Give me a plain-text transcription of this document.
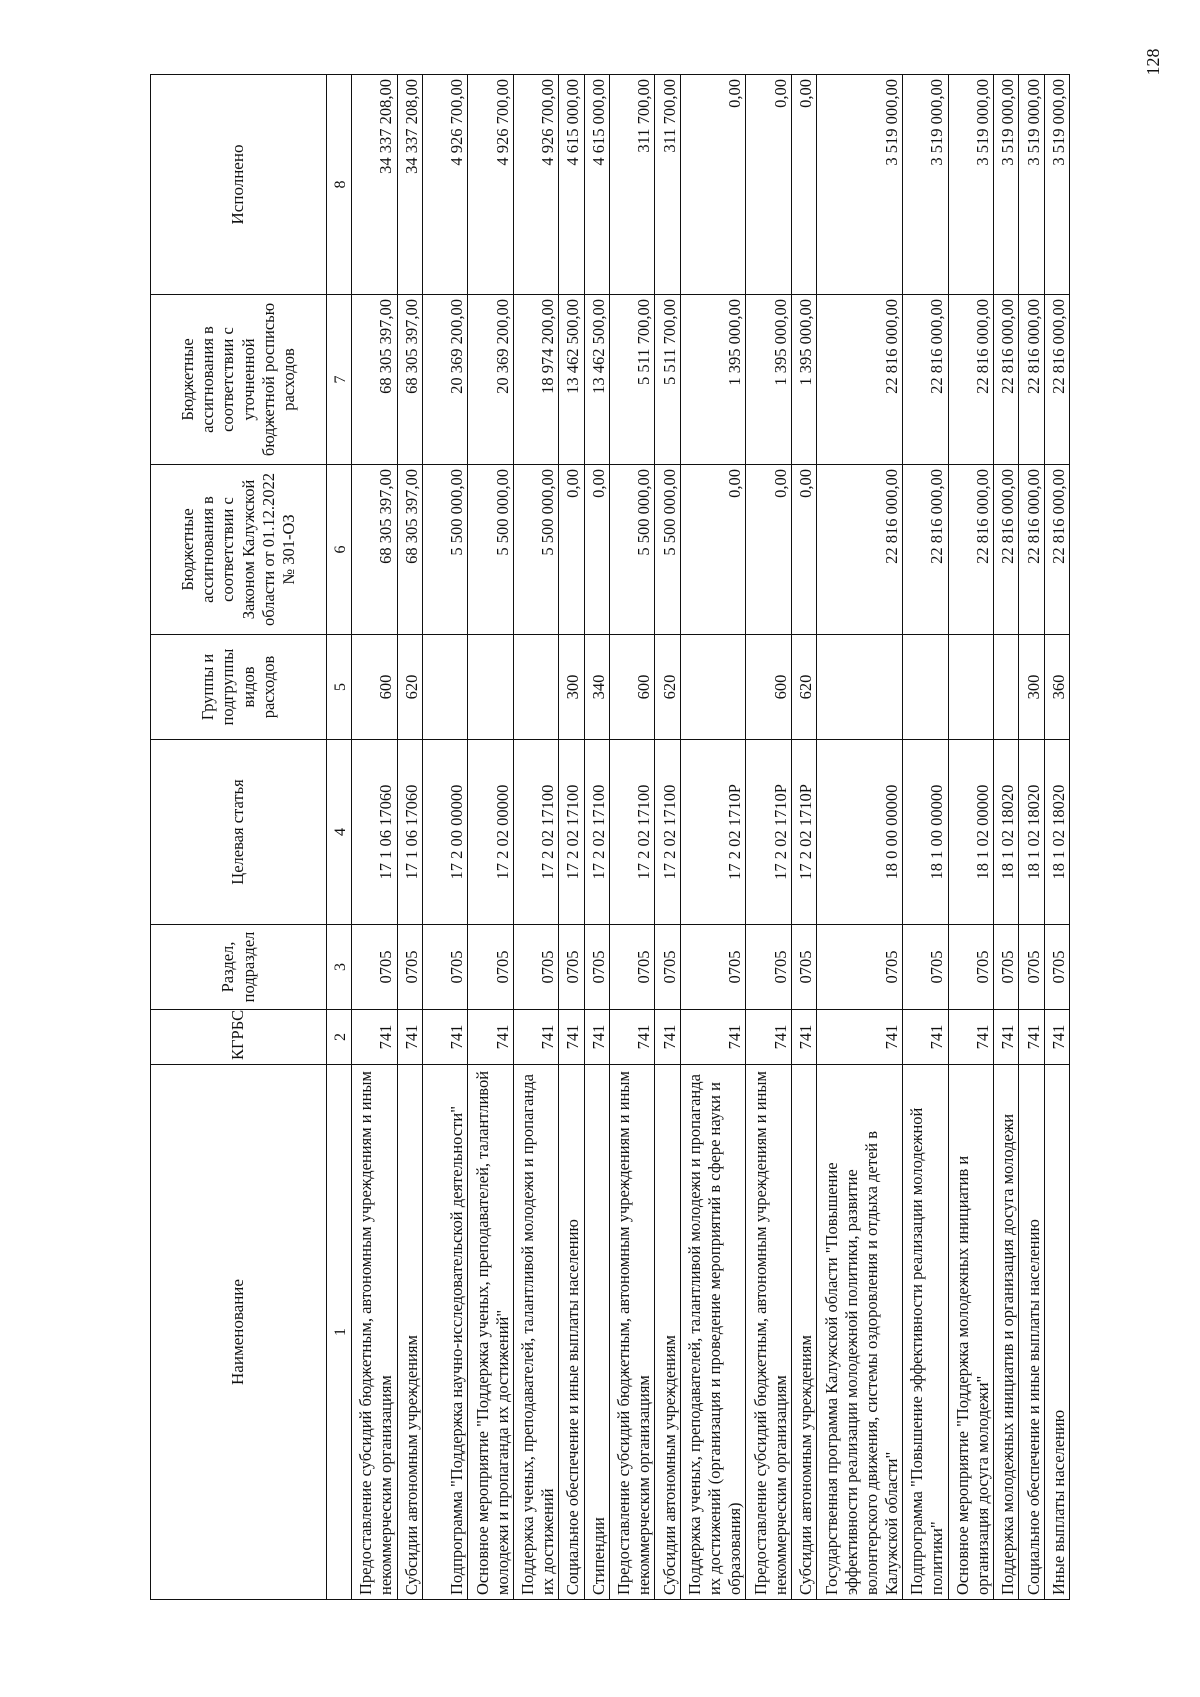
128
Наименование	КГРБС	Раздел, подраздел	Целевая статья	Группы и подгруппы видов расходов	Бюджетные ассигнования в соответствии с Законом Калужской области от 01.12.2022 № 301-ОЗ	Бюджетные ассигнования в соответствии с уточненной бюджетной росписью расходов	Исполнено
1	2	3	4	5	6	7	8
Предоставление субсидий бюджетным, автономным учреждениям и иным некоммерческим организациям	741	0705	17 1 06 17060	600	68 305 397,00	68 305 397,00	34 337 208,00
Субсидии автономным учреждениям	741	0705	17 1 06 17060	620	68 305 397,00	68 305 397,00	34 337 208,00
Подпрограмма "Поддержка научно-исследовательской деятельности"	741	0705	17 2 00 00000		5 500 000,00	20 369 200,00	4 926 700,00
Основное мероприятие "Поддержка ученых, преподавателей, талантливой молодежи и пропаганда их достижений"	741	0705	17 2 02 00000		5 500 000,00	20 369 200,00	4 926 700,00
Поддержка ученых, преподавателей, талантливой молодежи и пропаганда их достижений	741	0705	17 2 02 17100		5 500 000,00	18 974 200,00	4 926 700,00
Социальное обеспечение и иные выплаты населению	741	0705	17 2 02 17100	300	0,00	13 462 500,00	4 615 000,00
Стипендии	741	0705	17 2 02 17100	340	0,00	13 462 500,00	4 615 000,00
Предоставление субсидий бюджетным, автономным учреждениям и иным некоммерческим организациям	741	0705	17 2 02 17100	600	5 500 000,00	5 511 700,00	311 700,00
Субсидии автономным учреждениям	741	0705	17 2 02 17100	620	5 500 000,00	5 511 700,00	311 700,00
Поддержка ученых, преподавателей, талантливой молодежи и пропаганда их достижений (организация и проведение мероприятий в сфере науки и образования)	741	0705	17 2 02 1710P		0,00	1 395 000,00	0,00
Предоставление субсидий бюджетным, автономным учреждениям и иным некоммерческим организациям	741	0705	17 2 02 1710P	600	0,00	1 395 000,00	0,00
Субсидии автономным учреждениям	741	0705	17 2 02 1710P	620	0,00	1 395 000,00	0,00
Государственная программа Калужской области "Повышение эффективности реализации молодежной политики, развитие волонтерского движения, системы оздоровления и отдыха детей в Калужской области"	741	0705	18 0 00 00000		22 816 000,00	22 816 000,00	3 519 000,00
Подпрограмма "Повышение эффективности реализации молодежной политики"	741	0705	18 1 00 00000		22 816 000,00	22 816 000,00	3 519 000,00
Основное мероприятие "Поддержка молодежных инициатив и организация досуга молодежи"	741	0705	18 1 02 00000		22 816 000,00	22 816 000,00	3 519 000,00
Поддержка молодежных инициатив и организация досуга молодежи	741	0705	18 1 02 18020		22 816 000,00	22 816 000,00	3 519 000,00
Социальное обеспечение и иные выплаты населению	741	0705	18 1 02 18020	300	22 816 000,00	22 816 000,00	3 519 000,00
Иные выплаты населению	741	0705	18 1 02 18020	360	22 816 000,00	22 816 000,00	3 519 000,00
